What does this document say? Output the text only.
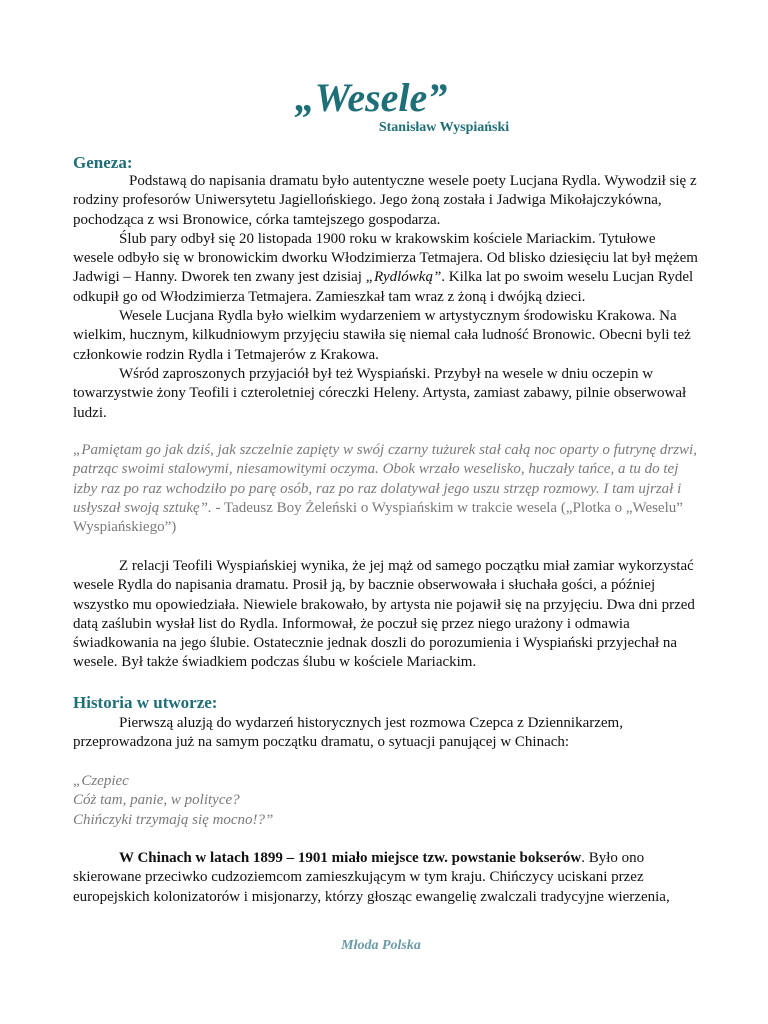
„Wesele”
Stanisław Wyspiański
Geneza:

Podstawą do napisania dramatu było autentyczne wesele poety Lucjana Rydla. Wywodził się z rodziny profesorów Uniwersytetu Jagiellońskiego. Jego żoną została i Jadwiga Mikołajczykówna, pochodząca z wsi Bronowice, córka tamtejszego gospodarza.

Ślub pary odbył się 20 listopada 1900 roku w krakowskim kościele Mariackim. Tytułowe wesele odbyło się w bronowickim dworku Włodzimierza Tetmajera. Od blisko dziesięciu lat był mężem Jadwigi – Hanny. Dworek ten zwany jest dzisiaj „Rydlówką”. Kilka lat po swoim weselu Lucjan Rydel odkupił go od Włodzimierza Tetmajera. Zamieszkał tam wraz z żoną i dwójką dzieci.

Wesele Lucjana Rydla było wielkim wydarzeniem w artystycznym środowisku Krakowa. Na wielkim, hucznym, kilkudniowym przyjęciu stawiła się niemal cała ludność Bronowic. Obecni byli też członkowie rodzin Rydla i Tetmajerów z Krakowa.

Wśród zaproszonych przyjaciół był też Wyspiański. Przybył na wesele w dniu oczepin w towarzystwie żony Teofili i czteroletniej córeczki Heleny. Artysta, zamiast zabawy, pilnie obserwował ludzi.

„Pamiętam go jak dziś, jak szczelnie zapięty w swój czarny tużurek stał całą noc oparty o futrynę drzwi, patrząc swoimi stalowymi, niesamowitymi oczyma. Obok wrzało weselisko, huczały tańce, a tu do tej izby raz po raz wchodziło po parę osób, raz po raz dolatywał jego uszu strzęp rozmowy. I tam ujrzał i usłyszał swoją sztukę”. - Tadeusz Boy Żeleński o Wyspiańskim w trakcie wesela („Plotka o „Weselu” Wyspiańskiego”)

Z relacji Teofili Wyspiańskiej wynika, że jej mąż od samego początku miał zamiar wykorzystać wesele Rydla do napisania dramatu. Prosił ją, by bacznie obserwowała i słuchała gości, a później wszystko mu opowiedziała. Niewiele brakowało, by artysta nie pojawił się na przyjęciu. Dwa dni przed datą zaślubin wysłał list do Rydla. Informował, że poczuł się przez niego urażony i odmawia świadkowania na jego ślubie. Ostatecznie jednak doszli do porozumienia i Wyspiański przyjechał na wesele. Był także świadkiem podczas ślubu w kościele Mariackim.

Historia w utworze:

Pierwszą aluzją do wydarzeń historycznych jest rozmowa Czepca z Dziennikarzem, przeprowadzona już na samym początku dramatu, o sytuacji panującej w Chinach:

„Czepiec

Cóż tam, panie, w polityce?

Chińczyki trzymają się mocno!?”

W Chinach w latach 1899 – 1901 miało miejsce tzw. powstanie bokserów. Było ono skierowane przeciwko cudzoziemcom zamieszkującym w tym kraju. Chińczycy uciskani przez europejskich kolonizatorów i misjonarzy, którzy głosząc ewangelię zwalczali tradycyjne wierzenia,

Młoda Polska
